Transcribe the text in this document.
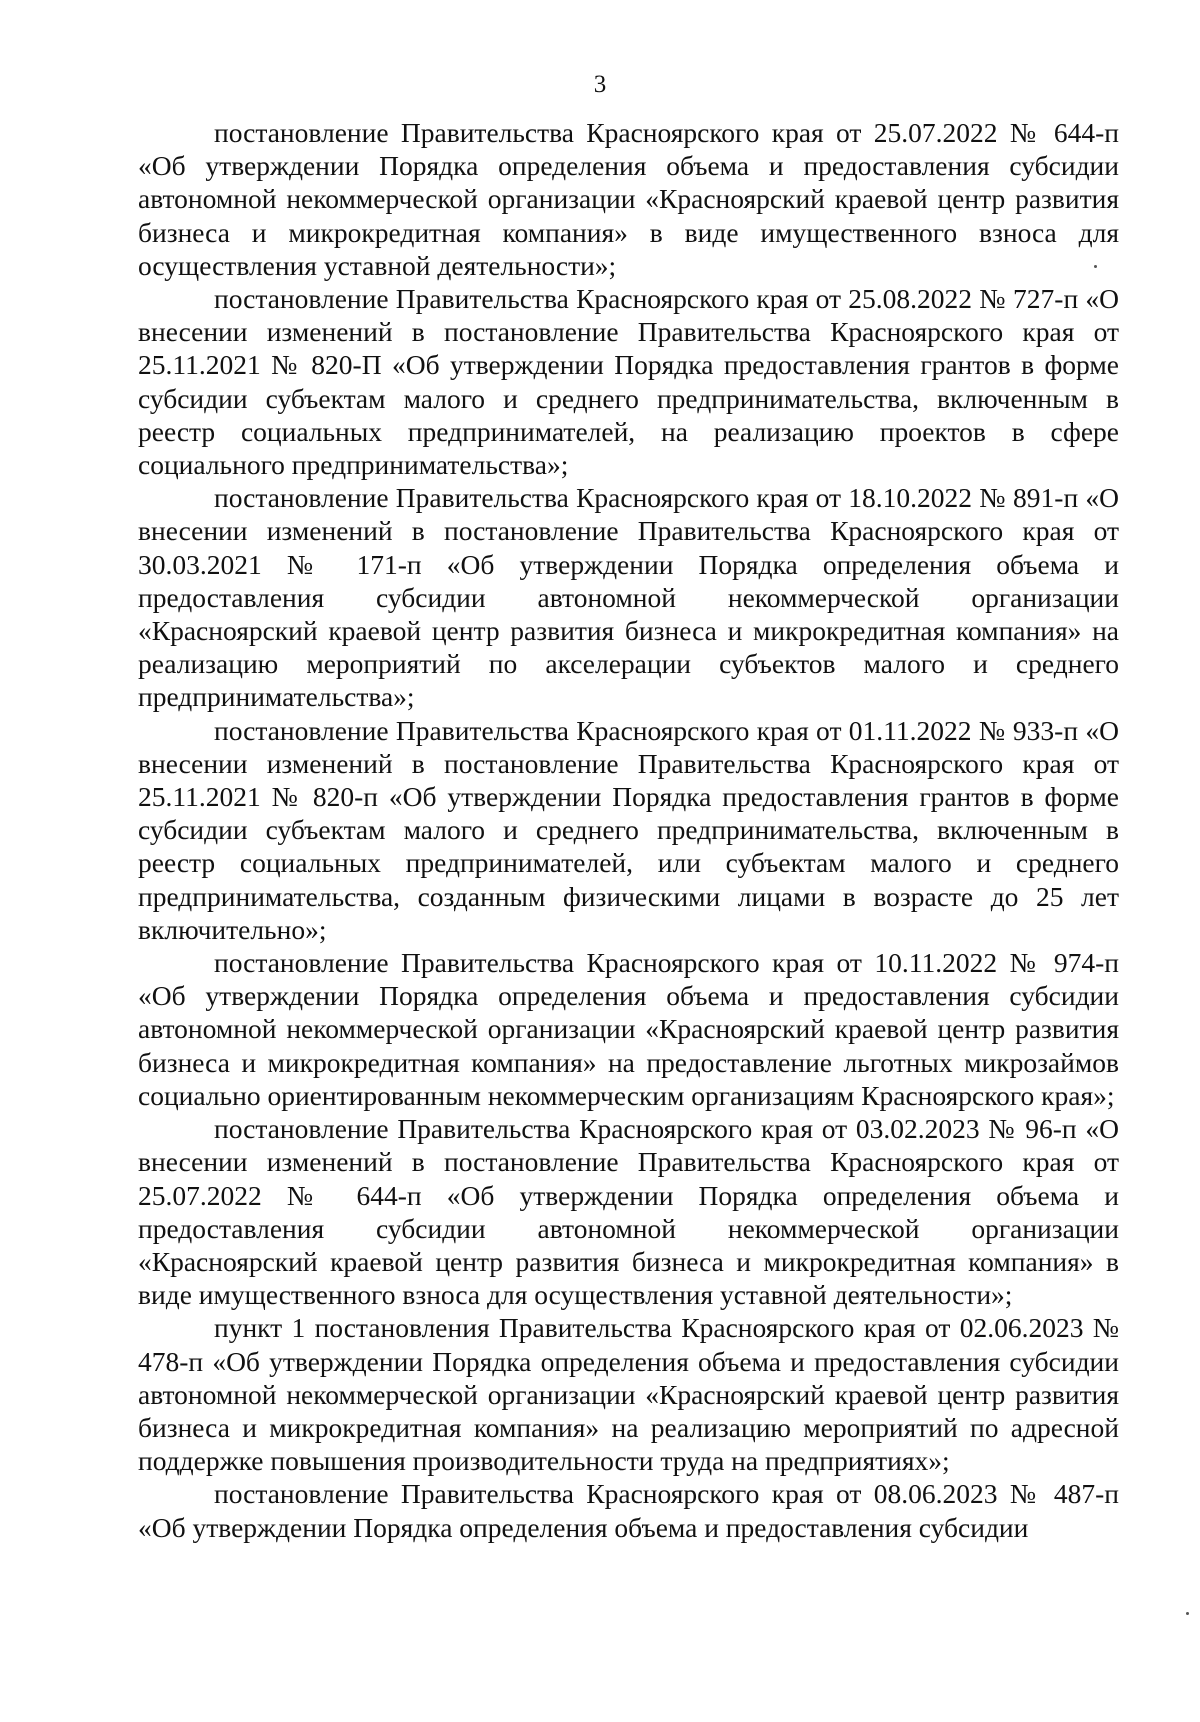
3

постановление Правительства Красноярского края от 25.07.2022 № 644-п «Об утверждении Порядка определения объема и предоставления субсидии автономной некоммерческой организации «Красноярский краевой центр развития бизнеса и микрокредитная компания» в виде имущественного взноса для осуществления уставной деятельности»;

постановление Правительства Красноярского края от 25.08.2022 № 727-п «О внесении изменений в постановление Правительства Красноярского края от 25.11.2021 № 820-П «Об утверждении Порядка предоставления грантов в форме субсидии субъектам малого и среднего предпринимательства, включенным в реестр социальных предпринимателей, на реализацию проектов в сфере социального предпринимательства»;

постановление Правительства Красноярского края от 18.10.2022 № 891-п «О внесении изменений в постановление Правительства Красноярского края от 30.03.2021 № 171-п «Об утверждении Порядка определения объема и предоставления субсидии автономной некоммерческой организации «Красноярский краевой центр развития бизнеса и микрокредитная компания» на реализацию мероприятий по акселерации субъектов малого и среднего предпринимательства»;

постановление Правительства Красноярского края от 01.11.2022 № 933-п «О внесении изменений в постановление Правительства Красноярского края от 25.11.2021 № 820-п «Об утверждении Порядка предоставления грантов в форме субсидии субъектам малого и среднего предпринимательства, включенным в реестр социальных предпринимателей, или субъектам малого и среднего предпринимательства, созданным физическими лицами в возрасте до 25 лет включительно»;

постановление Правительства Красноярского края от 10.11.2022 № 974-п «Об утверждении Порядка определения объема и предоставления субсидии автономной некоммерческой организации «Красноярский краевой центр развития бизнеса и микрокредитная компания» на предоставление льготных микрозаймов социально ориентированным некоммерческим организациям Красноярского края»;

постановление Правительства Красноярского края от 03.02.2023 № 96-п «О внесении изменений в постановление Правительства Красноярского края от 25.07.2022 № 644-п «Об утверждении Порядка определения объема и предоставления субсидии автономной некоммерческой организации «Красноярский краевой центр развития бизнеса и микрокредитная компания» в виде имущественного взноса для осуществления уставной деятельности»;

пункт 1 постановления Правительства Красноярского края от 02.06.2023 № 478-п «Об утверждении Порядка определения объема и предоставления субсидии автономной некоммерческой организации «Красноярский краевой центр развития бизнеса и микрокредитная компания» на реализацию мероприятий по адресной поддержке повышения производительности труда на предприятиях»;

постановление Правительства Красноярского края от 08.06.2023 № 487-п «Об утверждении Порядка определения объема и предоставления субсидии
